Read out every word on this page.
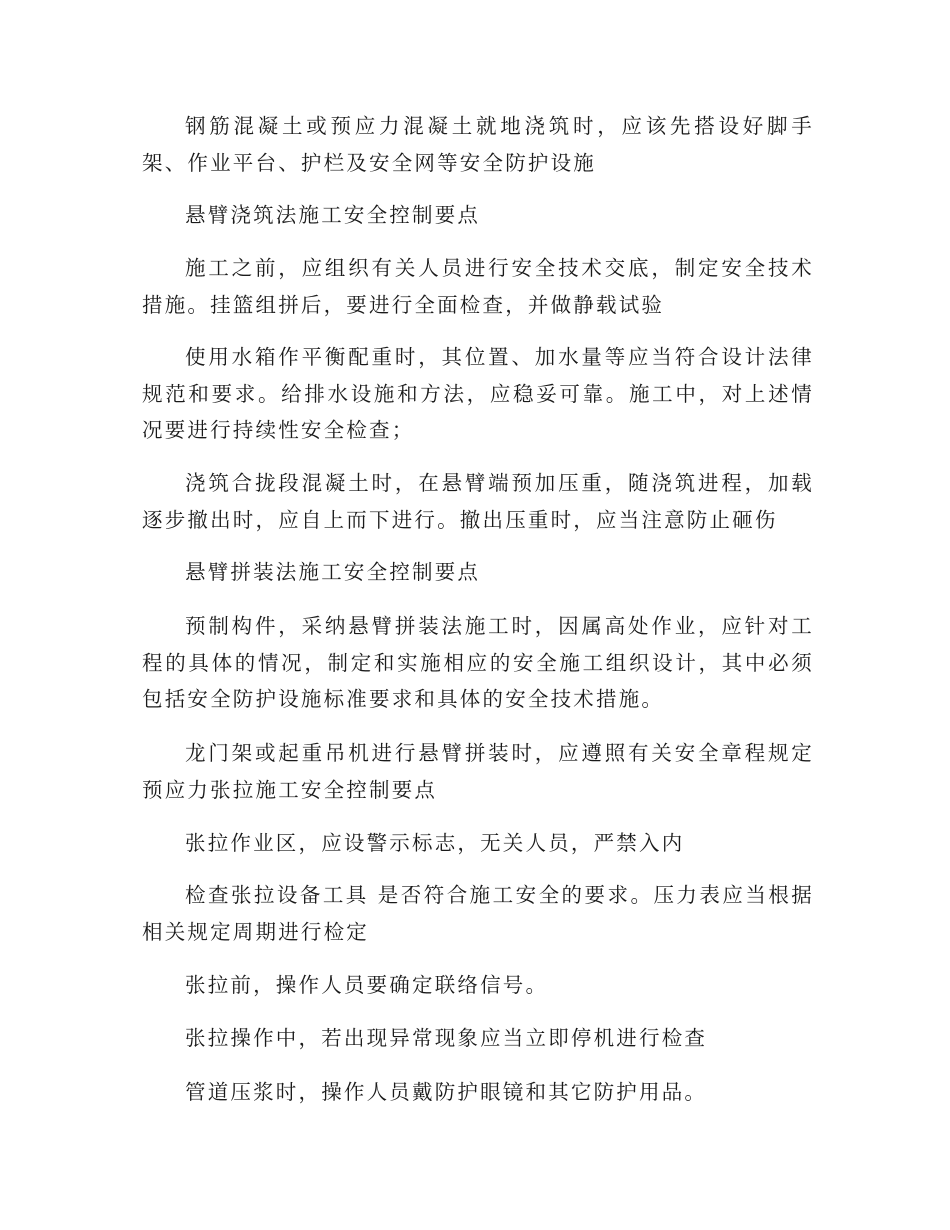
钢筋混凝土或预应力混凝土就地浇筑时，应该先搭设好脚手架、作业平台、护栏及安全网等安全防护设施

悬臂浇筑法施工安全控制要点

施工之前，应组织有关人员进行安全技术交底，制定安全技术措施。挂篮组拼后，要进行全面检查，并做静载试验

使用水箱作平衡配重时，其位置、加水量等应当符合设计法律规范和要求。给排水设施和方法，应稳妥可靠。施工中，对上述情况要进行持续性安全检查；

浇筑合拢段混凝土时，在悬臂端预加压重，随浇筑进程，加载逐步撤出时，应自上而下进行。撤出压重时，应当注意防止砸伤

悬臂拼装法施工安全控制要点

预制构件，采纳悬臂拼装法施工时，因属高处作业，应针对工程的具体的情况，制定和实施相应的安全施工组织设计，其中必须包括安全防护设施标准要求和具体的安全技术措施。

龙门架或起重吊机进行悬臂拼装时，应遵照有关安全章程规定 预应力张拉施工安全控制要点

张拉作业区，应设警示标志，无关人员，严禁入内

检查张拉设备工具 是否符合施工安全的要求。压力表应当根据相关规定周期进行检定

张拉前，操作人员要确定联络信号。

张拉操作中，若出现异常现象应当立即停机进行检查

管道压浆时，操作人员戴防护眼镜和其它防护用品。
